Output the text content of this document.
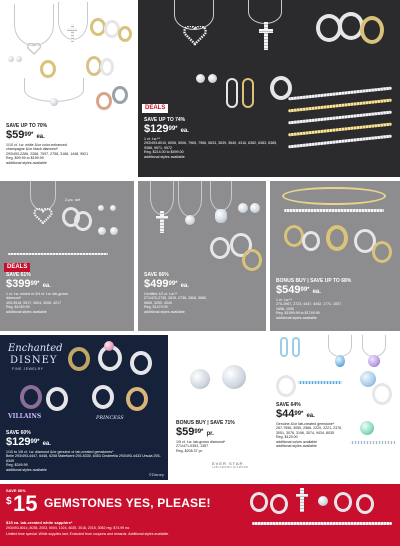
SAVE UP TO 70%
$\$59^{99*}$ ea.
1/10 ct. t.w. white &/or color-enhanced champagne &/or black diamond*
293/493-2266, 2268, 7097, 2758, 3168, 1448, 9521
Reg. $99.99 to $199.99
additional styles available
DEALS
SAVE UP TO 74%
$\$129^{99*}$ ea.
1 ct. t.w.**
293/493-8010, 8006, 5006, 7965, 7966, 5633, 3639, 3640, 4316, 6382, 6383, 6385, 9388, 9571, 9572
Reg. $214.00 to $499.00
additional styles available
2-pc. set
DEALS
SAVE 61%
$\$399^{99*}$ ea.
1 ct. t.w. mined or 3/4 ct. t.w. lab-grown diamond*
493-9518, 9517, 3004, 3006, 4217
Reg. $1049.99
additional styles available
SAVE 66%
$\$499^{99*}$ ea.
Certified 1/2 ct. t.w.**
271/470-2735, 2815, 2738, 2808, 5680, 5666, 3250, 4040
Reg. $1479.99
additional styles available
BONUS BUY | SAVE UP TO 68%
$\$549^{99*}$ ea.
1 ct. t.w.**
270-2967, 2723, 4447, 4442, 1771, 1007, 1656, 1050
Reg. $1599.99 to $1749.99
additional styles available
Enchanted
DISNEY
FINE JEWELRY
VILLAINS	PRINCESS
SAVE 60%
$\$129^{99*}$ ea.
1/10 to 1/6 ct. t.w. diamond &/or genuine or lab-created gemstones*
Belle 293/493-4447, 6448, 6258 Maleficent 293-6330, 6453 Cinderella 293/493-4433 Ursula 293-6349
Reg. $349.99
additional styles available
©Disney
BONUS BUY | SAVE 71%
$\$59^{99*}$ pr.
1/5 ct. t.w. lab-grown diamond*
271/471-0353, 1357
Reg. $208.37 pr.
EVER STAR
LAB-GROWN DIAMOND
SAVE 64%
$\$44^{99*}$ ea.
Genuine &/or lab-created gemstone*
267-7596, 3050, 2566, 2220, 2221, 2376, 3051, 3076, 3196, 3074, 9434, 8035
Reg. $129.00
additional colors available
additional styles available
SAVE 80%
$ 15 GEMSTONES YES, PLEASE!
$15 ea. lab-created white sapphire*
293/493-8014, 8035, 2003, 5004, 1024, 6025, 2016, 2015, 3052 reg. $74.99 ea.
Limited time special. While supplies last. Excluded from coupons and rewards. Additional styles available.
